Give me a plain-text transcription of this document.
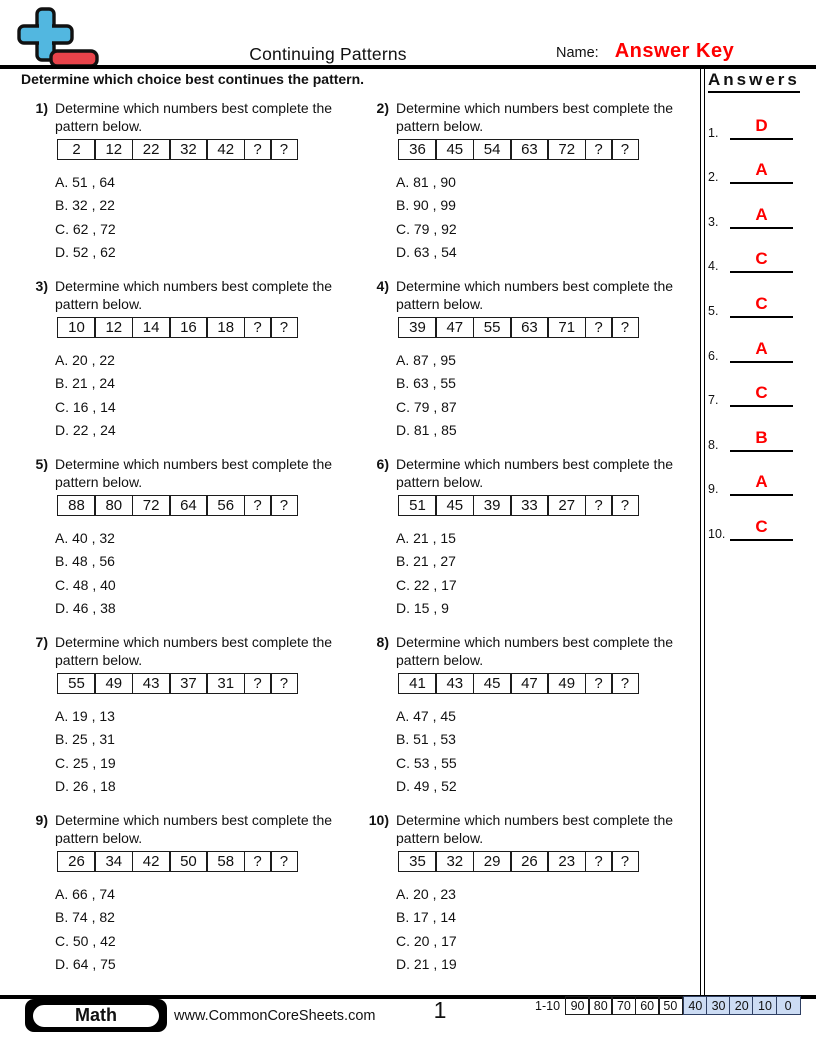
Continuing Patterns	Name: Answer Key
Determine which choice best continues the pattern.	Answers
1.	D
2.	A
3.	A
4.	C
5.	C
6.	A
7.	C
8.	B
9.	A
10.	C
1) Determine which numbers best complete the pattern below.
2	12	22	32	42	?	?
A. 51 , 64
B. 32 , 22
C. 62 , 72
D. 52 , 62
2) Determine which numbers best complete the pattern below.
36	45	54	63	72	?	?
A. 81 , 90
B. 90 , 99
C. 79 , 92
D. 63 , 54
3) Determine which numbers best complete the pattern below.
10	12	14	16	18	?	?
A. 20 , 22
B. 21 , 24
C. 16 , 14
D. 22 , 24
4) Determine which numbers best complete the pattern below.
39	47	55	63	71	?	?
A. 87 , 95
B. 63 , 55
C. 79 , 87
D. 81 , 85
5) Determine which numbers best complete the pattern below.
88	80	72	64	56	?	?
A. 40 , 32
B. 48 , 56
C. 48 , 40
D. 46 , 38
6) Determine which numbers best complete the pattern below.
51	45	39	33	27	?	?
A. 21 , 15
B. 21 , 27
C. 22 , 17
D. 15 , 9
7) Determine which numbers best complete the pattern below.
55	49	43	37	31	?	?
A. 19 , 13
B. 25 , 31
C. 25 , 19
D. 26 , 18
8) Determine which numbers best complete the pattern below.
41	43	45	47	49	?	?
A. 47 , 45
B. 51 , 53
C. 53 , 55
D. 49 , 52
9) Determine which numbers best complete the pattern below.
26	34	42	50	58	?	?
A. 66 , 74
B. 74 , 82
C. 50 , 42
D. 64 , 75
10) Determine which numbers best complete the pattern below.
35	32	29	26	23	?	?
A. 20 , 23
B. 17 , 14
C. 20 , 17
D. 21 , 19
Math	www.CommonCoreSheets.com	1	1-10 90 80 70 60 50 40 30 20 10	0
